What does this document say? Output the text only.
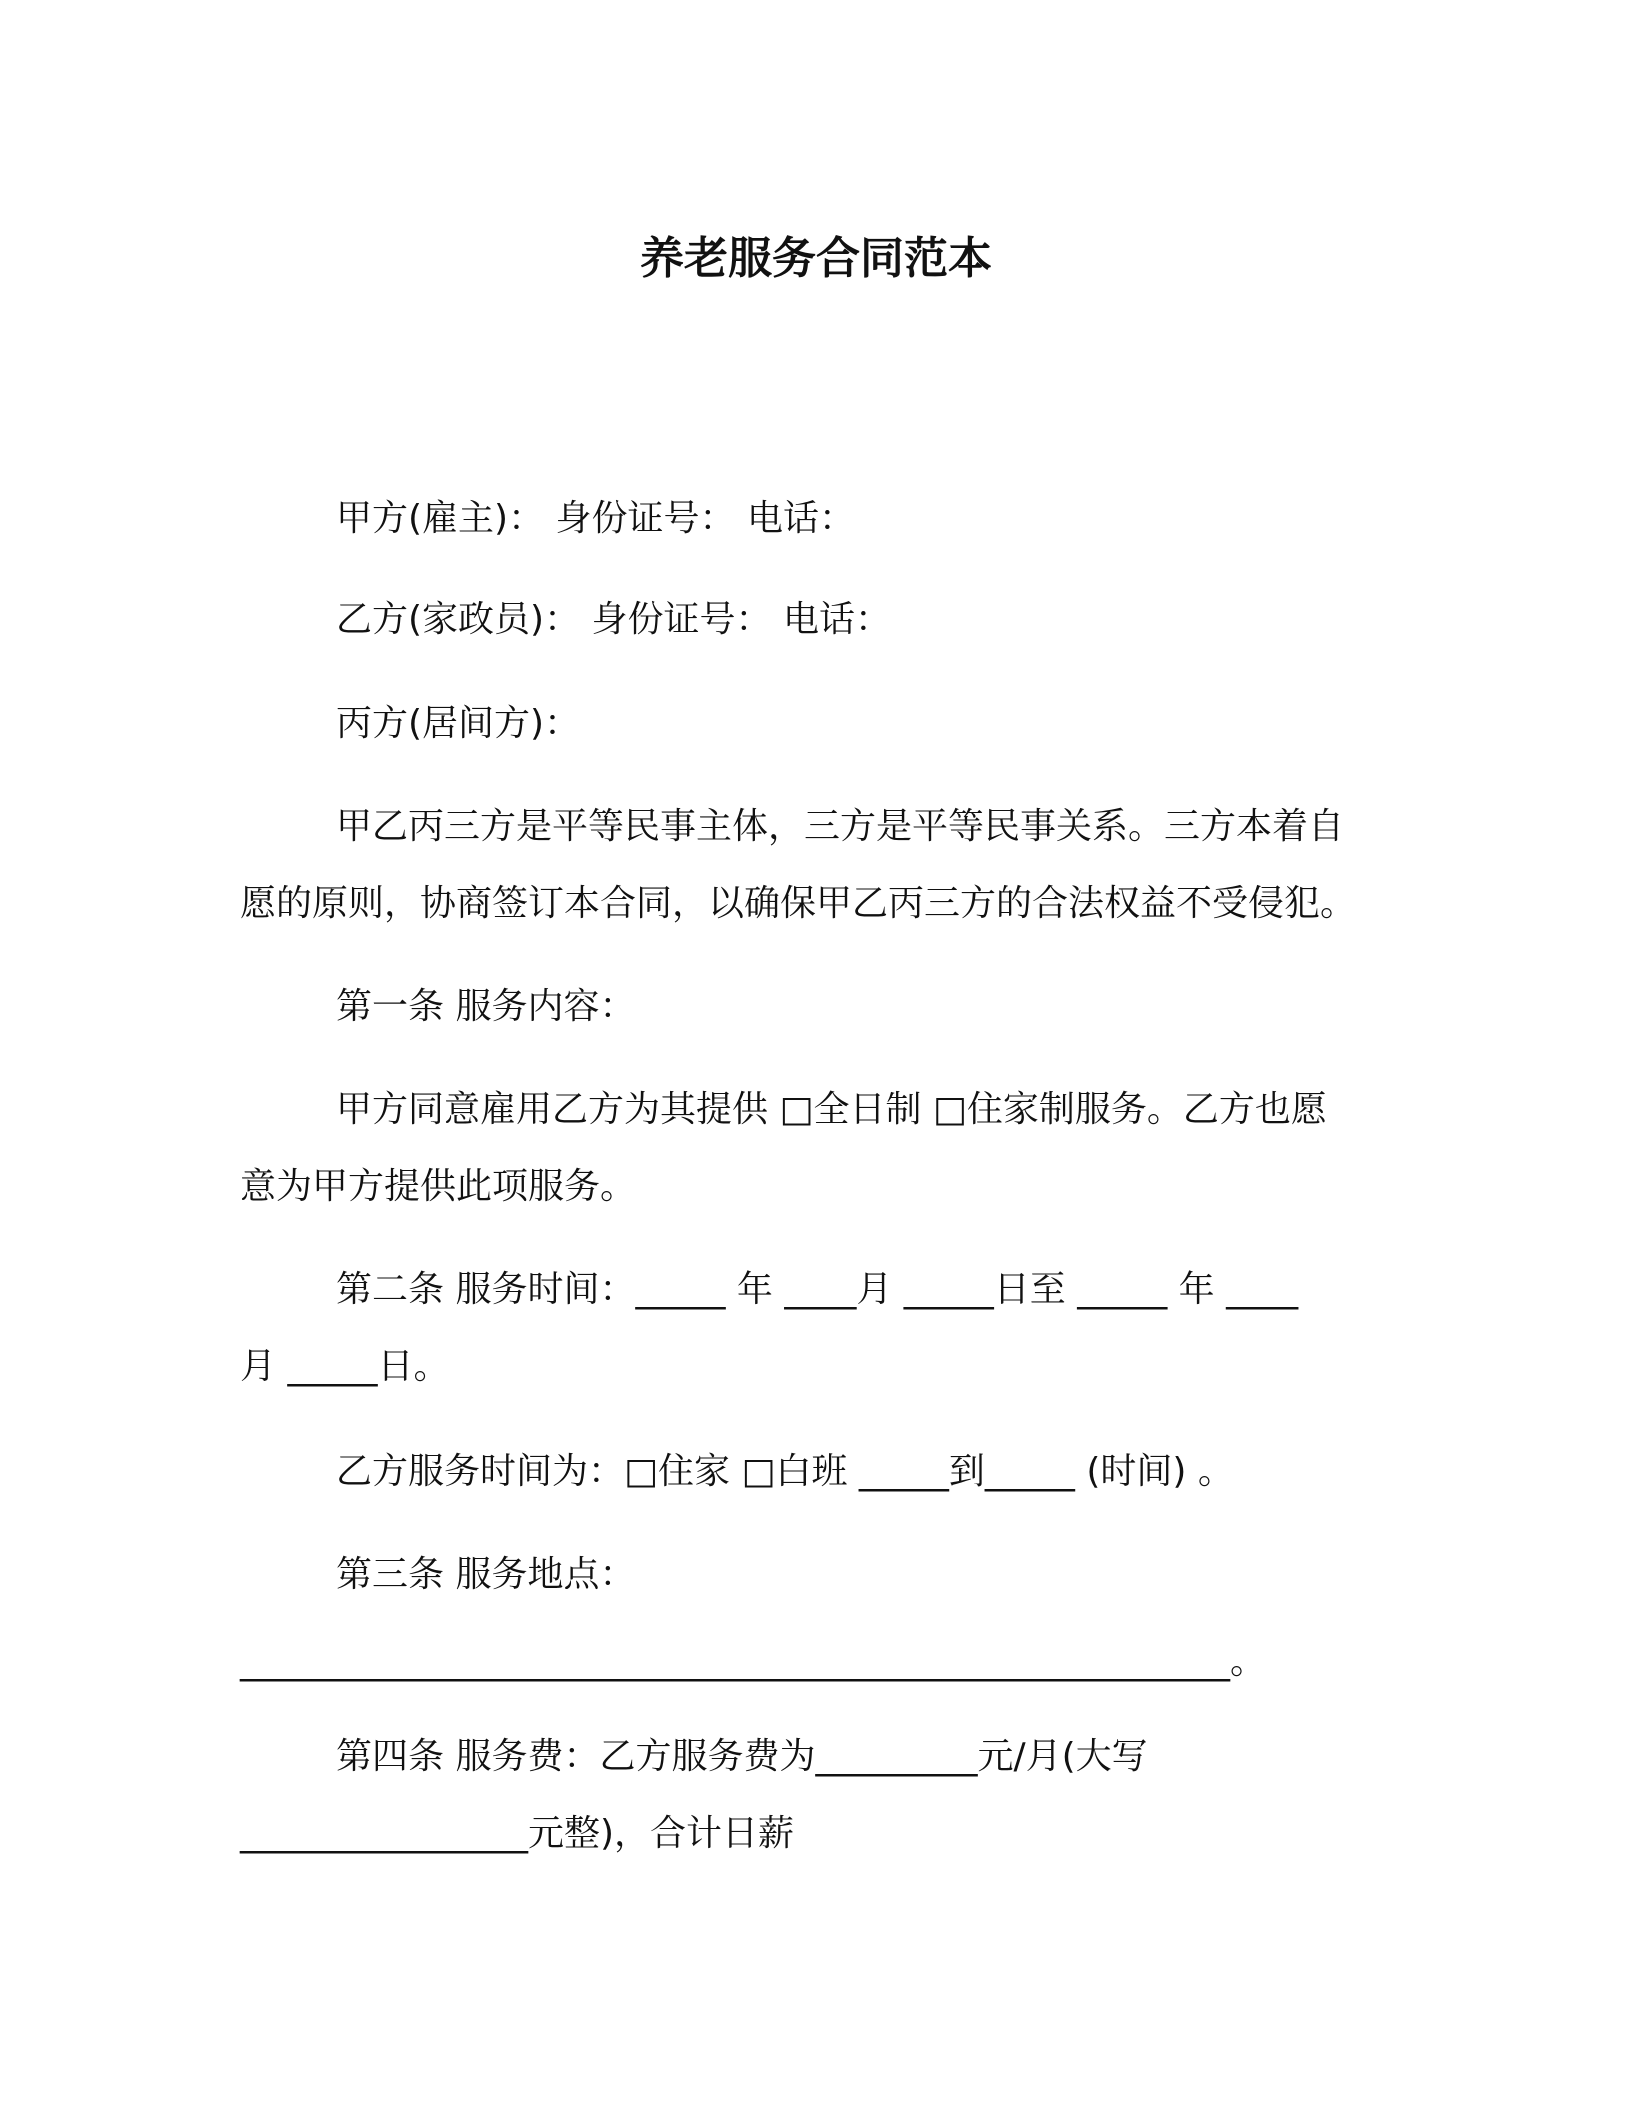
养老服务合同范本

甲方(雇主)： 身份证号： 电话：

乙方(家政员)： 身份证号： 电话：

丙方(居间方)：

甲乙丙三方是平等民事主体，三方是平等民事关系。三方本着自

愿的原则，协商签订本合同，以确保甲乙丙三方的合法权益不受侵犯。

第一条 服务内容：

甲方同意雇用乙方为其提供 □全日制 □住家制服务。乙方也愿

意为甲方提供此项服务。

第二条 服务时间：_____ 年 ____月 _____日至 _____ 年 ____

月 _____日。

乙方服务时间为：□住家 □白班 _____到_____ (时间) 。

第三条 服务地点：

_______________________________________________________。

第四条 服务费：乙方服务费为_________元/月(大写

________________元整)，合计日薪
